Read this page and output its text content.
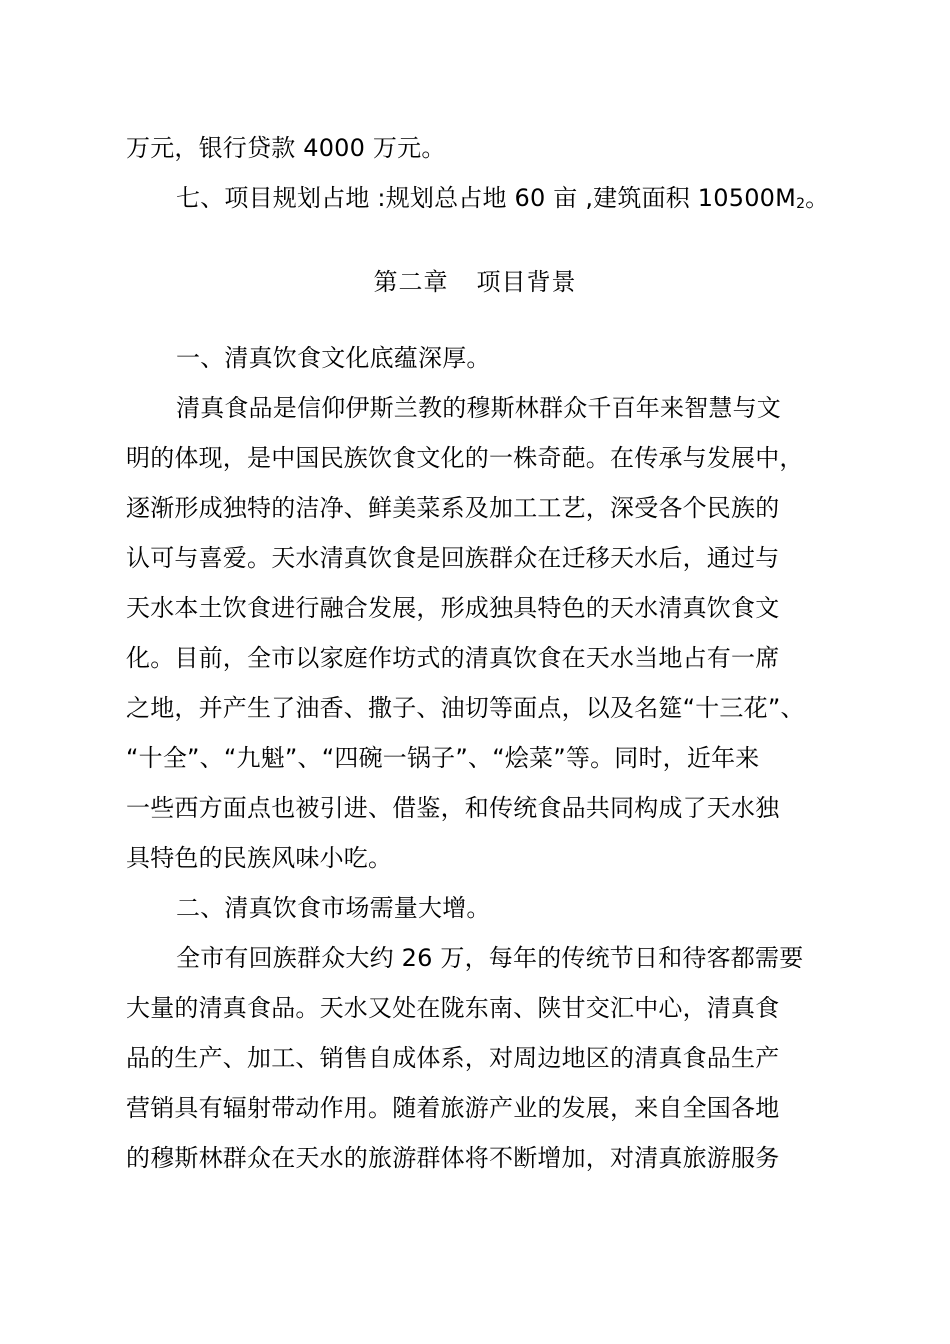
万元，银行贷款 4000 万元。
七、项目规划占地 :规划总占地 60 亩 ,建筑面积 $10500M_2$。
第二章 项目背景
一、清真饮食文化底蕴深厚。
清真食品是信仰伊斯兰教的穆斯林群众千百年来智慧与文
明的体现，是中国民族饮食文化的一株奇葩。在传承与发展中，
逐渐形成独特的洁净、鲜美菜系及加工工艺，深受各个民族的
认可与喜爱。天水清真饮食是回族群众在迁移天水后，通过与
天水本土饮食进行融合发展，形成独具特色的天水清真饮食文
化。目前，全市以家庭作坊式的清真饮食在天水当地占有一席
之地，并产生了油香、撒子、油切等面点，以及名筵“十三花”、
“十全”、“九魁”、“四碗一锅子”、“烩菜”等。同时，近年来
一些西方面点也被引进、借鉴，和传统食品共同构成了天水独
具特色的民族风味小吃。
二、清真饮食市场需量大增。
全市有回族群众大约 26 万，每年的传统节日和待客都需要
大量的清真食品。天水又处在陇东南、陕甘交汇中心，清真食
品的生产、加工、销售自成体系，对周边地区的清真食品生产
营销具有辐射带动作用。随着旅游产业的发展，来自全国各地
的穆斯林群众在天水的旅游群体将不断增加，对清真旅游服务
